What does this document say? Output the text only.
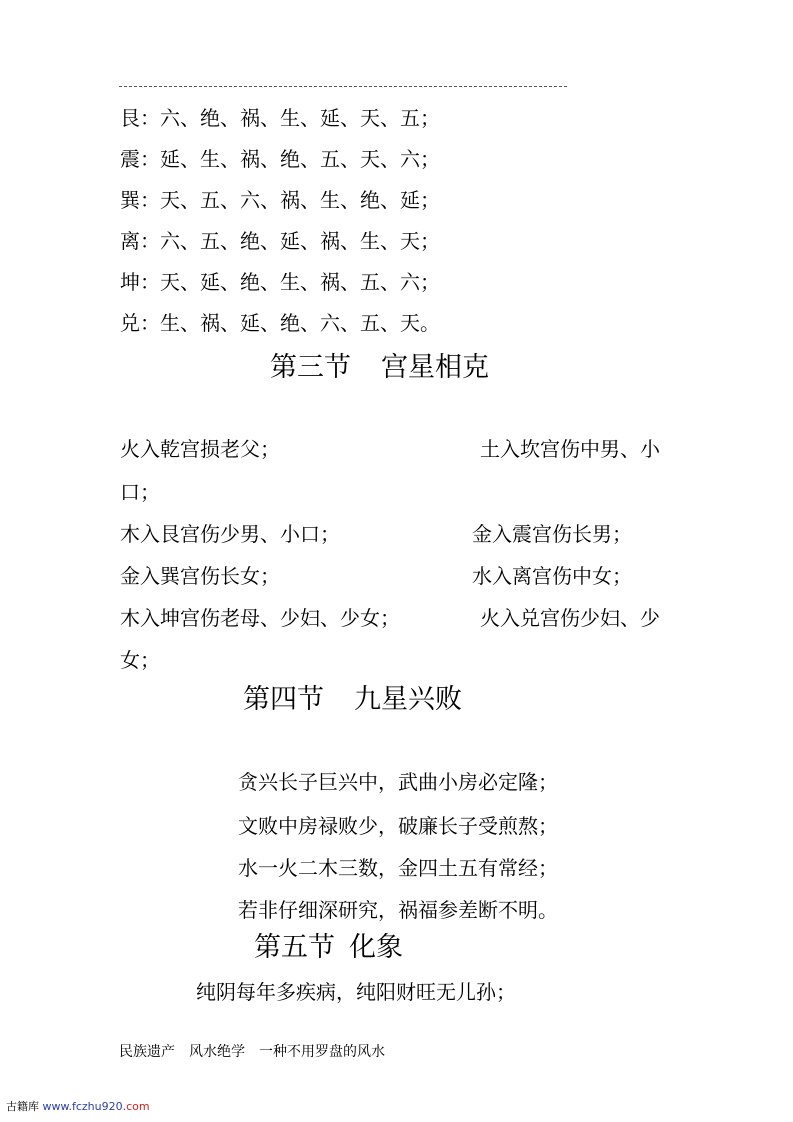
艮：六、绝、祸、生、延、天、五；
震：延、生、祸、绝、五、天、六；
巽：天、五、六、祸、生、绝、延；
离：六、五、绝、延、祸、生、天；
坤：天、延、绝、生、祸、五、六；
兑：生、祸、延、绝、六、五、天。
第三节 宫星相克
火入乾宫损老父；	土入坎宫伤中男、小
口；
木入艮宫伤少男、小口；	金入震宫伤长男；
金入巽宫伤长女；	水入离宫伤中女；
木入坤宫伤老母、少妇、少女；	火入兑宫伤少妇、少
女；
第四节 九星兴败
贪兴长子巨兴中，武曲小房必定隆；
文败中房禄败少，破廉长子受煎熬；
水一火二木三数，金四土五有常经；
若非仔细深研究，祸福参差断不明。
第五节 化象
纯阴每年多疾病，纯阳财旺无儿孙；
民族遗产 风水绝学 一种不用罗盘的风水
古籍库 www.fczhu920.com
